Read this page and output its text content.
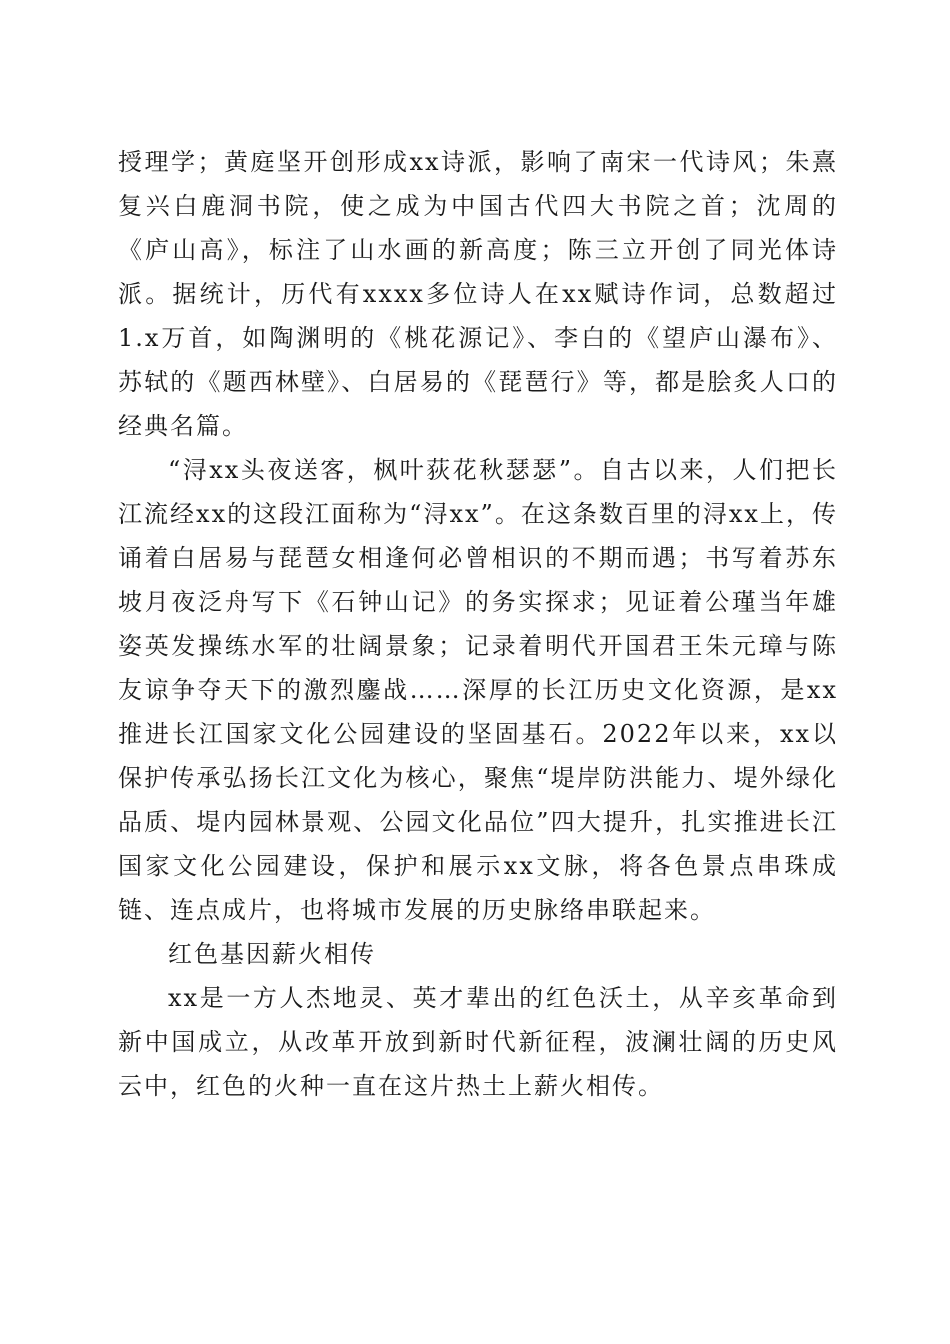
授理学；黄庭坚开创形成xx诗派，影响了南宋一代诗风；朱熹复兴白鹿洞书院，使之成为中国古代四大书院之首；沈周的《庐山高》，标注了山水画的新高度；陈三立开创了同光体诗派。据统计，历代有xxxx多位诗人在xx赋诗作词，总数超过1.x万首，如陶渊明的《桃花源记》、李白的《望庐山瀑布》、苏轼的《题西林壁》、白居易的《琵琶行》等，都是脍炙人口的经典名篇。

“浔xx头夜送客，枫叶荻花秋瑟瑟”。自古以来，人们把长江流经xx的这段江面称为“浔xx”。在这条数百里的浔xx上，传诵着白居易与琵琶女相逢何必曾相识的不期而遇；书写着苏东坡月夜泛舟写下《石钟山记》的务实探求；见证着公瑾当年雄姿英发操练水军的壮阔景象；记录着明代开国君王朱元璋与陈友谅争夺天下的激烈鏖战……深厚的长江历史文化资源，是xx推进长江国家文化公园建设的坚固基石。2022年以来，xx以保护传承弘扬长江文化为核心，聚焦“堤岸防洪能力、堤外绿化品质、堤内园林景观、公园文化品位”四大提升，扎实推进长江国家文化公园建设，保护和展示xx文脉，将各色景点串珠成链、连点成片，也将城市发展的历史脉络串联起来。

红色基因薪火相传

xx是一方人杰地灵、英才辈出的红色沃土，从辛亥革命到新中国成立，从改革开放到新时代新征程，波澜壮阔的历史风云中，红色的火种一直在这片热土上薪火相传。
